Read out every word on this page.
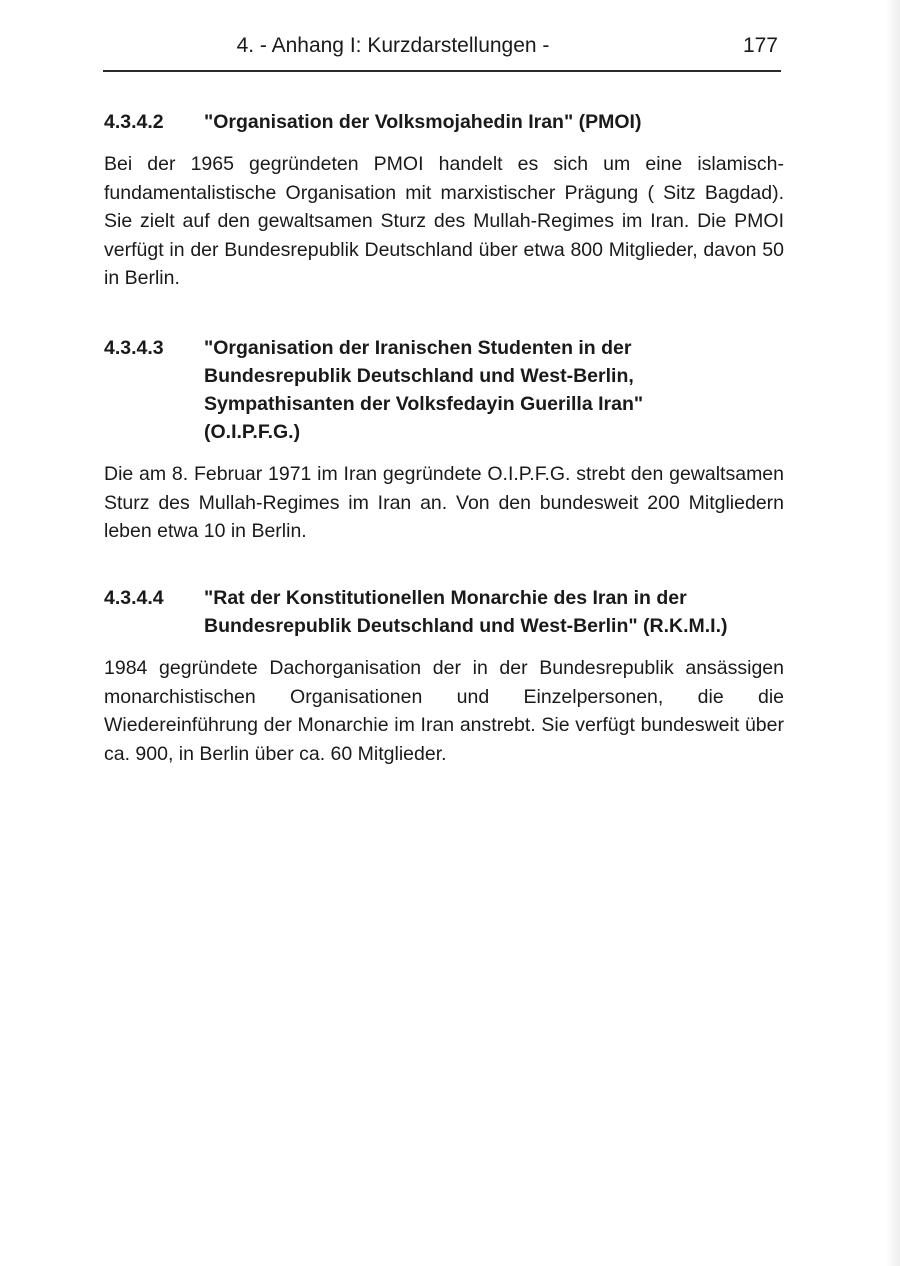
4. - Anhang I: Kurzdarstellungen -	177
4.3.4.2	"Organisation der Volksmojahedin Iran" (PMOI)
Bei der 1965 gegründeten PMOI handelt es sich um eine islamisch-fundamentalistische Organisation mit marxistischer Prägung ( Sitz Bagdad). Sie zielt auf den gewaltsamen Sturz des Mullah-Regimes im Iran. Die PMOI verfügt in der Bundesrepublik Deutschland über etwa 800 Mitglieder, davon 50 in Berlin.
4.3.4.3	"Organisation der Iranischen Studenten in der Bundesrepublik Deutschland und West-Berlin, Sympathisanten der Volksfedayin Guerilla Iran" (O.I.P.F.G.)
Die am 8. Februar 1971 im Iran gegründete O.I.P.F.G. strebt den gewaltsamen Sturz des Mullah-Regimes im Iran an. Von den bundesweit 200 Mitgliedern leben etwa 10 in Berlin.
4.3.4.4	"Rat der Konstitutionellen Monarchie des Iran in der Bundesrepublik Deutschland und West-Berlin" (R.K.M.I.)
1984 gegründete Dachorganisation der in der Bundesrepublik ansässigen monarchistischen Organisationen und Einzelpersonen, die die Wiedereinführung der Monarchie im Iran anstrebt. Sie verfügt bundesweit über ca. 900, in Berlin über ca. 60 Mitglieder.
